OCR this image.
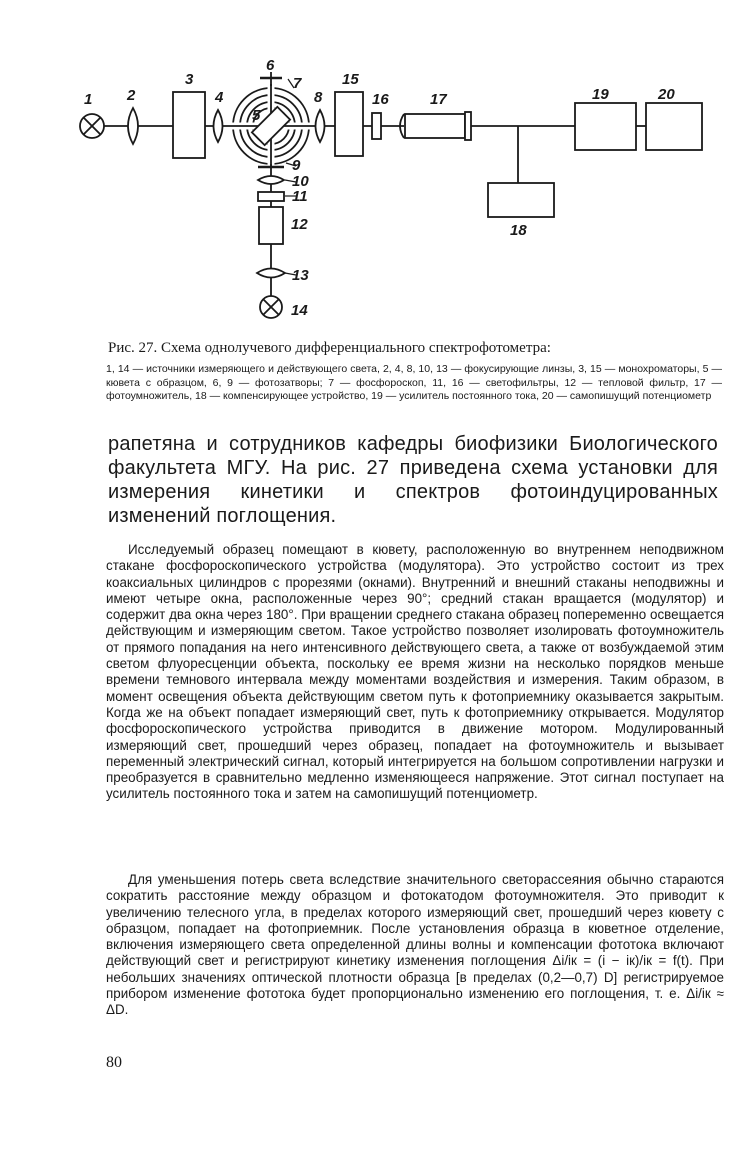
1 2
3
4
5
6
7
8
9
10
11
12
13
14
15
16	17
18
19	20
Рис. 27. Схема однолучевого дифференциального спектрофотометра:
1, 14 — источники измеряющего и действующего света, 2, 4, 8, 10, 13 — фокусирующие линзы, 3, 15 — монохроматоры, 5 — кювета с образцом, 6, 9 — фотозатворы; 7 — фосфороскоп, 11, 16 — светофильтры, 12 — тепловой фильтр, 17 — фотоумножитель, 18 — компенсирующее устройство, 19 — усилитель постоянного тока, 20 — самопишущий потенциометр
рапетяна и сотрудников кафедры биофизики Биологического факультета МГУ. На рис. 27 приведена схема установки для измерения кинетики и спектров фотоиндуцированных изменений поглощения.

Исследуемый образец помещают в кювету, расположенную во внутреннем неподвижном стакане фосфороскопического устройства (модулятора). Это устройство состоит из трех коаксиальных цилиндров с прорезями (окнами). Внутренний и внешний стаканы неподвижны и имеют четыре окна, расположенные через 90°; средний стакан вращается (модулятор) и содержит два окна через 180°. При вращении среднего стакана образец попеременно освещается действующим и измеряющим светом. Такое устройство позволяет изолировать фотоумножитель от прямого попадания на него интенсивного действующего света, а также от возбуждаемой этим светом флуоресценции объекта, поскольку ее время жизни на несколько порядков меньше времени темнового интервала между моментами воздействия и измерения. Таким образом, в момент освещения объекта действующим светом путь к фотоприемнику оказывается закрытым. Когда же на объект попадает измеряющий свет, путь к фотоприемнику открывается. Модулятор фосфороскопического устройства приводится в движение мотором. Модулированный измеряющий свет, прошедший через образец, попадает на фотоумножитель и вызывает переменный электрический сигнал, который интегрируется на большом сопротивлении нагрузки и преобразуется в сравнительно медленно изменяющееся напряжение. Этот сигнал поступает на усилитель постоянного тока и затем на самопишущий потенциометр.

Для уменьшения потерь света вследствие значительного светорассеяния обычно стараются сократить расстояние между образцом и фотокатодом фотоумножителя. Это приводит к увеличению телесного угла, в пределах которого измеряющий свет, прошедший через кювету с образцом, попадает на фотоприемник. После установления образца в кюветное отделение, включения измеряющего света определенной длины волны и компенсации фототока включают действующий свет и регистрируют кинетику изменения поглощения Δi/iк = (i − iк)/iк = f(t). При небольших значениях оптической плотности образца [в пределах (0,2—0,7) D] регистрируемое прибором изменение фототока будет пропорционально изменению его поглощения, т. е. Δi/iк ≈ ΔD.

80
